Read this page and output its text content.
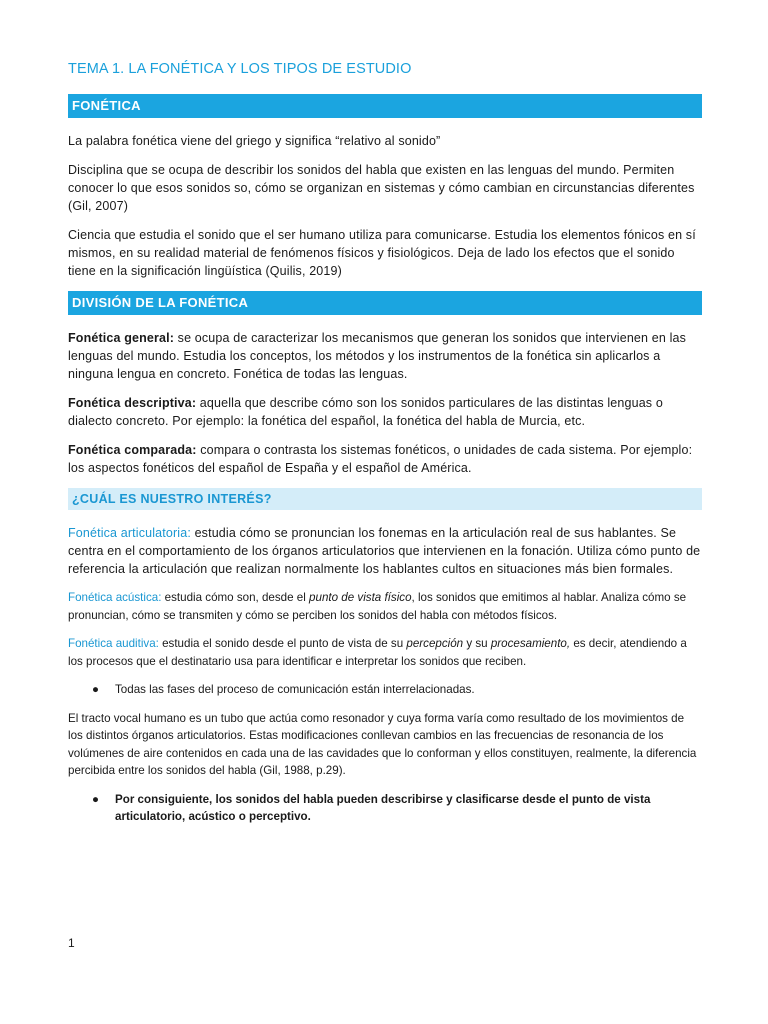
TEMA 1. LA FONÉTICA Y LOS TIPOS DE ESTUDIO
FONÉTICA

La palabra fonética viene del griego y significa “relativo al sonido”

Disciplina que se ocupa de describir los sonidos del habla que existen en las lenguas del mundo. Permiten conocer lo que esos sonidos so, cómo se organizan en sistemas y cómo cambian en circunstancias diferentes (Gil, 2007)

Ciencia que estudia el sonido que el ser humano utiliza para comunicarse. Estudia los elementos fónicos en sí mismos, en su realidad material de fenómenos físicos y fisiológicos. Deja de lado los efectos que el sonido tiene en la significación lingüística (Quilis, 2019)

DIVISIÓN DE LA FONÉTICA

Fonética general: se ocupa de caracterizar los mecanismos que generan los sonidos que intervienen en las lenguas del mundo. Estudia los conceptos, los métodos y los instrumentos de la fonética sin aplicarlos a ninguna lengua en concreto. Fonética de todas las lenguas.

Fonética descriptiva: aquella que describe cómo son los sonidos particulares de las distintas lenguas o dialecto concreto. Por ejemplo: la fonética del español, la fonética del habla de Murcia, etc.

Fonética comparada: compara o contrasta los sistemas fonéticos, o unidades de cada sistema. Por ejemplo: los aspectos fonéticos del español de España y el español de América.

¿CUÁL ES NUESTRO INTERÉS?

Fonética articulatoria: estudia cómo se pronuncian los fonemas en la articulación real de sus hablantes. Se centra en el comportamiento de los órganos articulatorios que intervienen en la fonación. Utiliza cómo punto de referencia la articulación que realizan normalmente los hablantes cultos en situaciones más bien formales.

Fonética acústica: estudia cómo son, desde el punto de vista físico, los sonidos que emitimos al hablar. Analiza cómo se pronuncian, cómo se transmiten y cómo se perciben los sonidos del habla con métodos físicos.

Fonética auditiva: estudia el sonido desde el punto de vista de su percepción y su procesamiento, es decir, atendiendo a los procesos que el destinatario usa para identificar e interpretar los sonidos que reciben.

● Todas las fases del proceso de comunicación están interrelacionadas.

El tracto vocal humano es un tubo que actúa como resonador y cuya forma varía como resultado de los movimientos de los distintos órganos articulatorios. Estas modificaciones conllevan cambios en las frecuencias de resonancia de los volúmenes de aire contenidos en cada una de las cavidades que lo conforman y ellos constituyen, realmente, la diferencia percibida entre los sonidos del habla (Gil, 1988, p.29).

● Por consiguiente, los sonidos del habla pueden describirse y clasificarse desde el punto de vista articulatorio, acústico o perceptivo.

1
